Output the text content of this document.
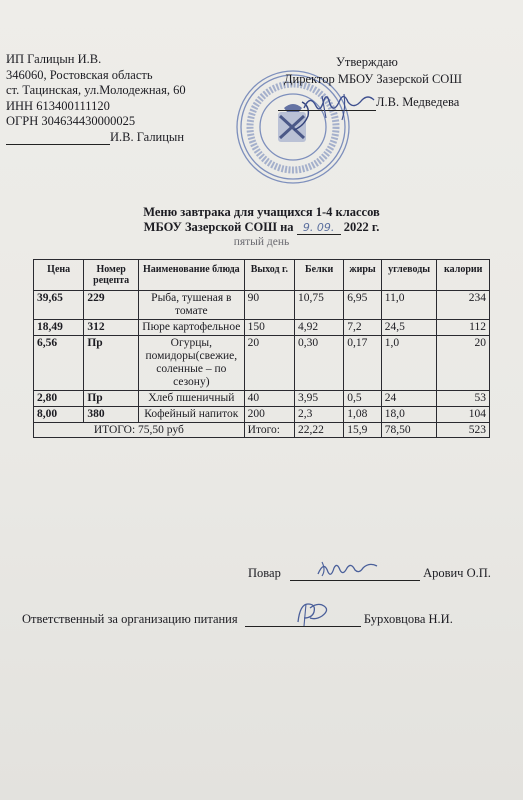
ИП Галицын И.В.
346060, Ростовская область
ст. Тацинская, ул.Молодежная, 60
ИНН 613400111120
ОГРН 304634430000025
И.В. Галицын
Утверждаю
Директор МБОУ Зазерской СОШ
Л.В. Медведева
Меню завтрака для учащихся 1-4 классов
МБОУ Зазерской СОШ на 9. 09. 2022 г.
пятый день
Цена	Номер рецепта	Наименование блюда	Выход г.	Белки	жиры	углеводы	калории
39,65	229	Рыба, тушеная в томате	90	10,75	6,95	11,0	234
18,49	312	Пюре картофельное	150	4,92	7,2	24,5	112
6,56	Пр	Огурцы, помидоры(свежие, соленные – по сезону)	20	0,30	0,17	1,0	20
2,80	Пр	Хлеб пшеничный	40	3,95	0,5	24	53
8,00	380	Кофейный напиток	200	2,3	1,08	18,0	104
ИТОГО: 75,50 руб			Итого:	22,22	15,9	78,50	523
Повар	Арович О.П.
Ответственный за организацию питания	Бурховцова Н.И.
